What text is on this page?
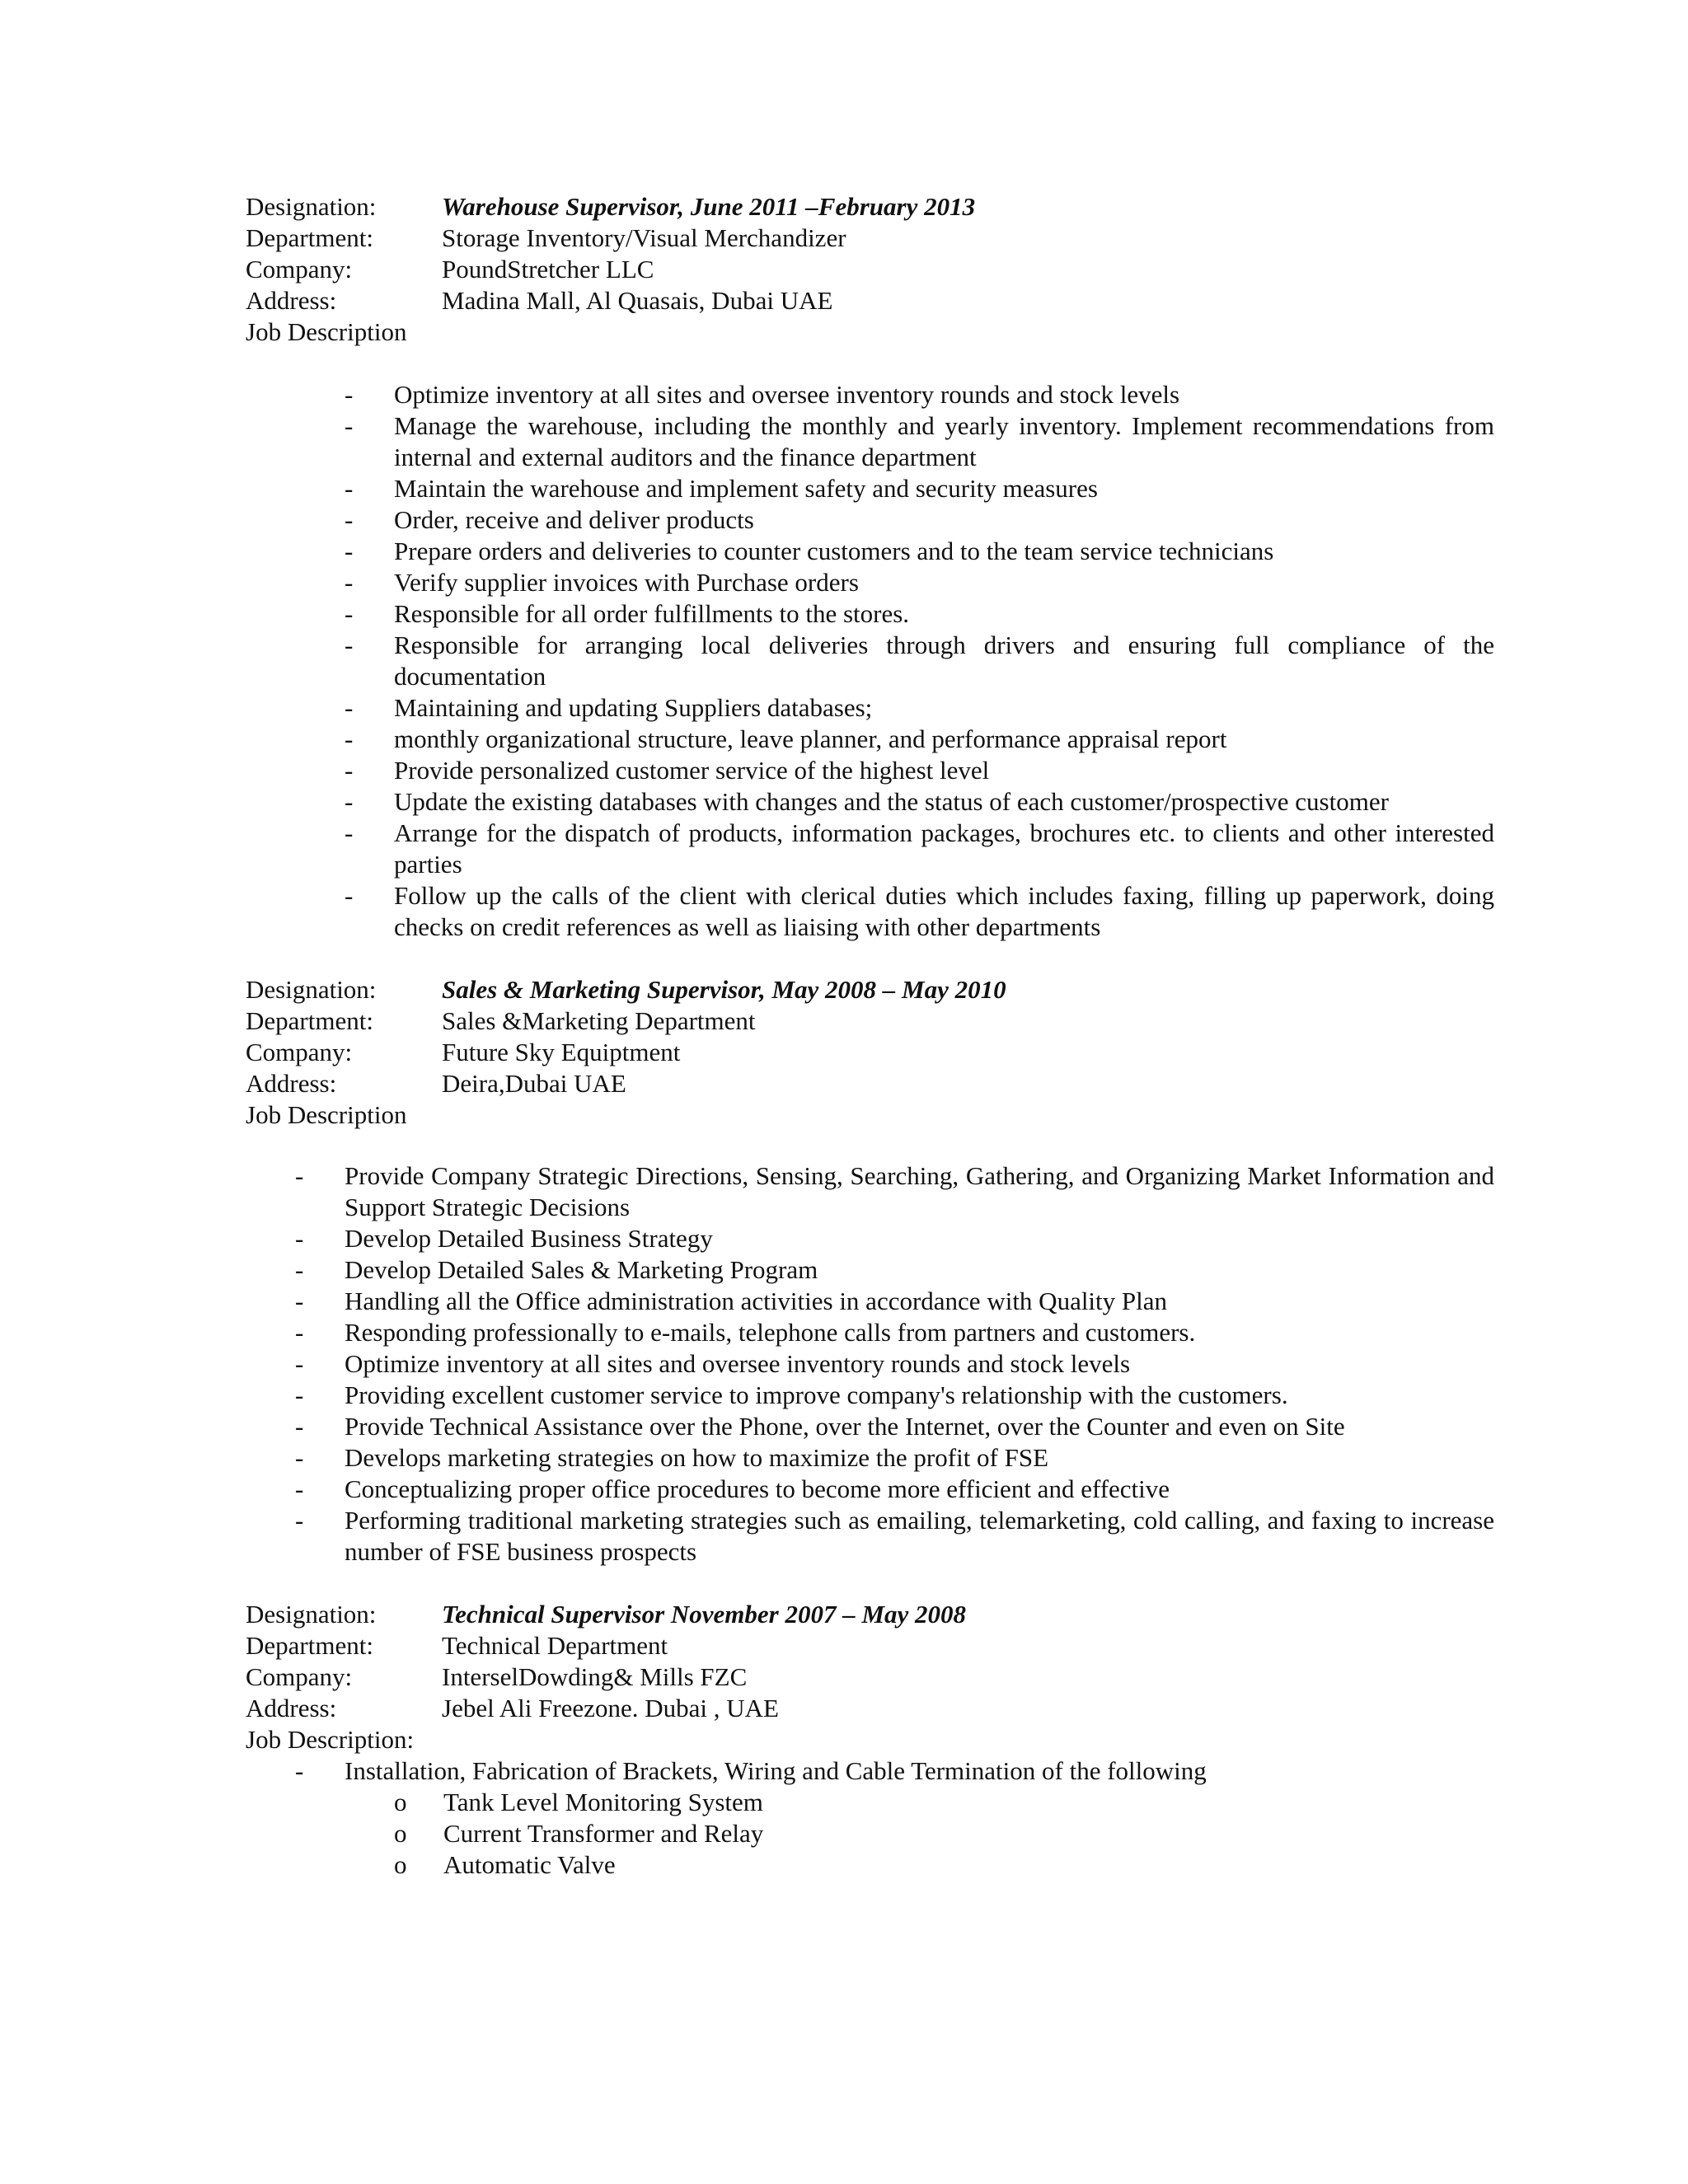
Designation:	Warehouse Supervisor, June 2011 –February 2013
Department:	Storage Inventory/Visual Merchandizer
Company:	PoundStretcher LLC
Address:	Madina Mall, Al Quasais, Dubai UAE
Job Description
- Optimize inventory at all sites and oversee inventory rounds and stock levels
- Manage the warehouse, including the monthly and yearly inventory. Implement recommendations from internal and external auditors and the finance department
- Maintain the warehouse and implement safety and security measures
- Order, receive and deliver products
- Prepare orders and deliveries to counter customers and to the team service technicians
- Verify supplier invoices with Purchase orders
- Responsible for all order fulfillments to the stores.
- Responsible for arranging local deliveries through drivers and ensuring full compliance of the documentation
- Maintaining and updating Suppliers databases;
- monthly organizational structure, leave planner, and performance appraisal report
- Provide personalized customer service of the highest level
- Update the existing databases with changes and the status of each customer/prospective customer
- Arrange for the dispatch of products, information packages, brochures etc. to clients and other interested parties
- Follow up the calls of the client with clerical duties which includes faxing, filling up paperwork, doing checks on credit references as well as liaising with other departments
Designation:	Sales & Marketing Supervisor, May 2008 – May 2010
Department:	Sales &Marketing Department
Company:	Future Sky Equiptment
Address:	Deira,Dubai UAE
Job Description
- Provide Company Strategic Directions, Sensing, Searching, Gathering, and Organizing Market Information and Support Strategic Decisions
- Develop Detailed Business Strategy
- Develop Detailed Sales & Marketing Program
- Handling all the Office administration activities in accordance with Quality Plan
- Responding professionally to e-mails, telephone calls from partners and customers.
- Optimize inventory at all sites and oversee inventory rounds and stock levels
- Providing excellent customer service to improve company's relationship with the customers.
- Provide Technical Assistance over the Phone, over the Internet, over the Counter and even on Site
- Develops marketing strategies on how to maximize the profit of FSE
- Conceptualizing proper office procedures to become more efficient and effective
- Performing traditional marketing strategies such as emailing, telemarketing, cold calling, and faxing to increase number of FSE business prospects
Designation:	Technical Supervisor November 2007 – May 2008
Department:	Technical Department
Company:	InterselDowding& Mills FZC
Address:	Jebel Ali Freezone. Dubai , UAE
Job Description:
- Installation, Fabrication of Brackets, Wiring and Cable Termination of the following
o Tank Level Monitoring System
o Current Transformer and Relay
o Automatic Valve
